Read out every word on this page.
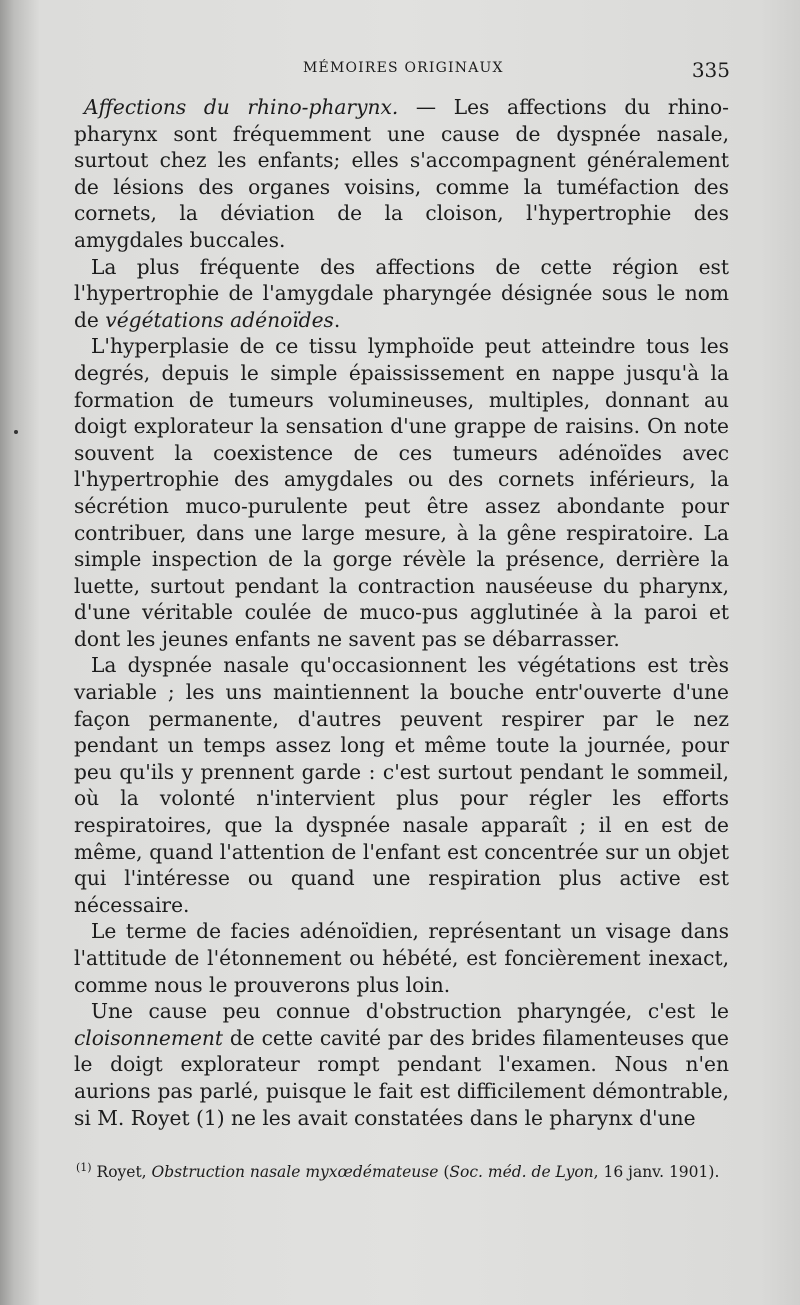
MÉMOIRES ORIGINAUX	335

Affections du rhino-pharynx. — Les affections du rhino-pharynx sont fréquemment une cause de dyspnée nasale, surtout chez les enfants; elles s'accompagnent généralement de lésions des organes voisins, comme la tuméfaction des cornets, la déviation de la cloison, l'hypertrophie des amygdales buccales.

La plus fréquente des affections de cette région est l'hypertrophie de l'amygdale pharyngée désignée sous le nom de végétations adénoïdes.

L'hyperplasie de ce tissu lymphoïde peut atteindre tous les degrés, depuis le simple épaississement en nappe jusqu'à la formation de tumeurs volumineuses, multiples, donnant au doigt explorateur la sensation d'une grappe de raisins. On note souvent la coexistence de ces tumeurs adénoïdes avec l'hypertrophie des amygdales ou des cornets inférieurs, la sécrétion muco-purulente peut être assez abondante pour contribuer, dans une large mesure, à la gêne respiratoire. La simple inspection de la gorge révèle la présence, derrière la luette, surtout pendant la contraction nauséeuse du pharynx, d'une véritable coulée de muco-pus agglutinée à la paroi et dont les jeunes enfants ne savent pas se débarrasser.

La dyspnée nasale qu'occasionnent les végétations est très variable ; les uns maintiennent la bouche entr'ouverte d'une façon permanente, d'autres peuvent respirer par le nez pendant un temps assez long et même toute la journée, pour peu qu'ils y prennent garde : c'est surtout pendant le sommeil, où la volonté n'intervient plus pour régler les efforts respiratoires, que la dyspnée nasale apparaît ; il en est de même, quand l'attention de l'enfant est concentrée sur un objet qui l'intéresse ou quand une respiration plus active est nécessaire.

Le terme de facies adénoïdien, représentant un visage dans l'attitude de l'étonnement ou hébété, est foncièrement inexact, comme nous le prouverons plus loin.

Une cause peu connue d'obstruction pharyngée, c'est le cloisonnement de cette cavité par des brides filamenteuses que le doigt explorateur rompt pendant l'examen. Nous n'en aurions pas parlé, puisque le fait est difficilement démontrable, si M. Royet (1) ne les avait constatées dans le pharynx d'une

$^{(1)}$ Royet, Obstruction nasale myxœdémateuse (Soc. méd. de Lyon, 16 janv. 1901).
